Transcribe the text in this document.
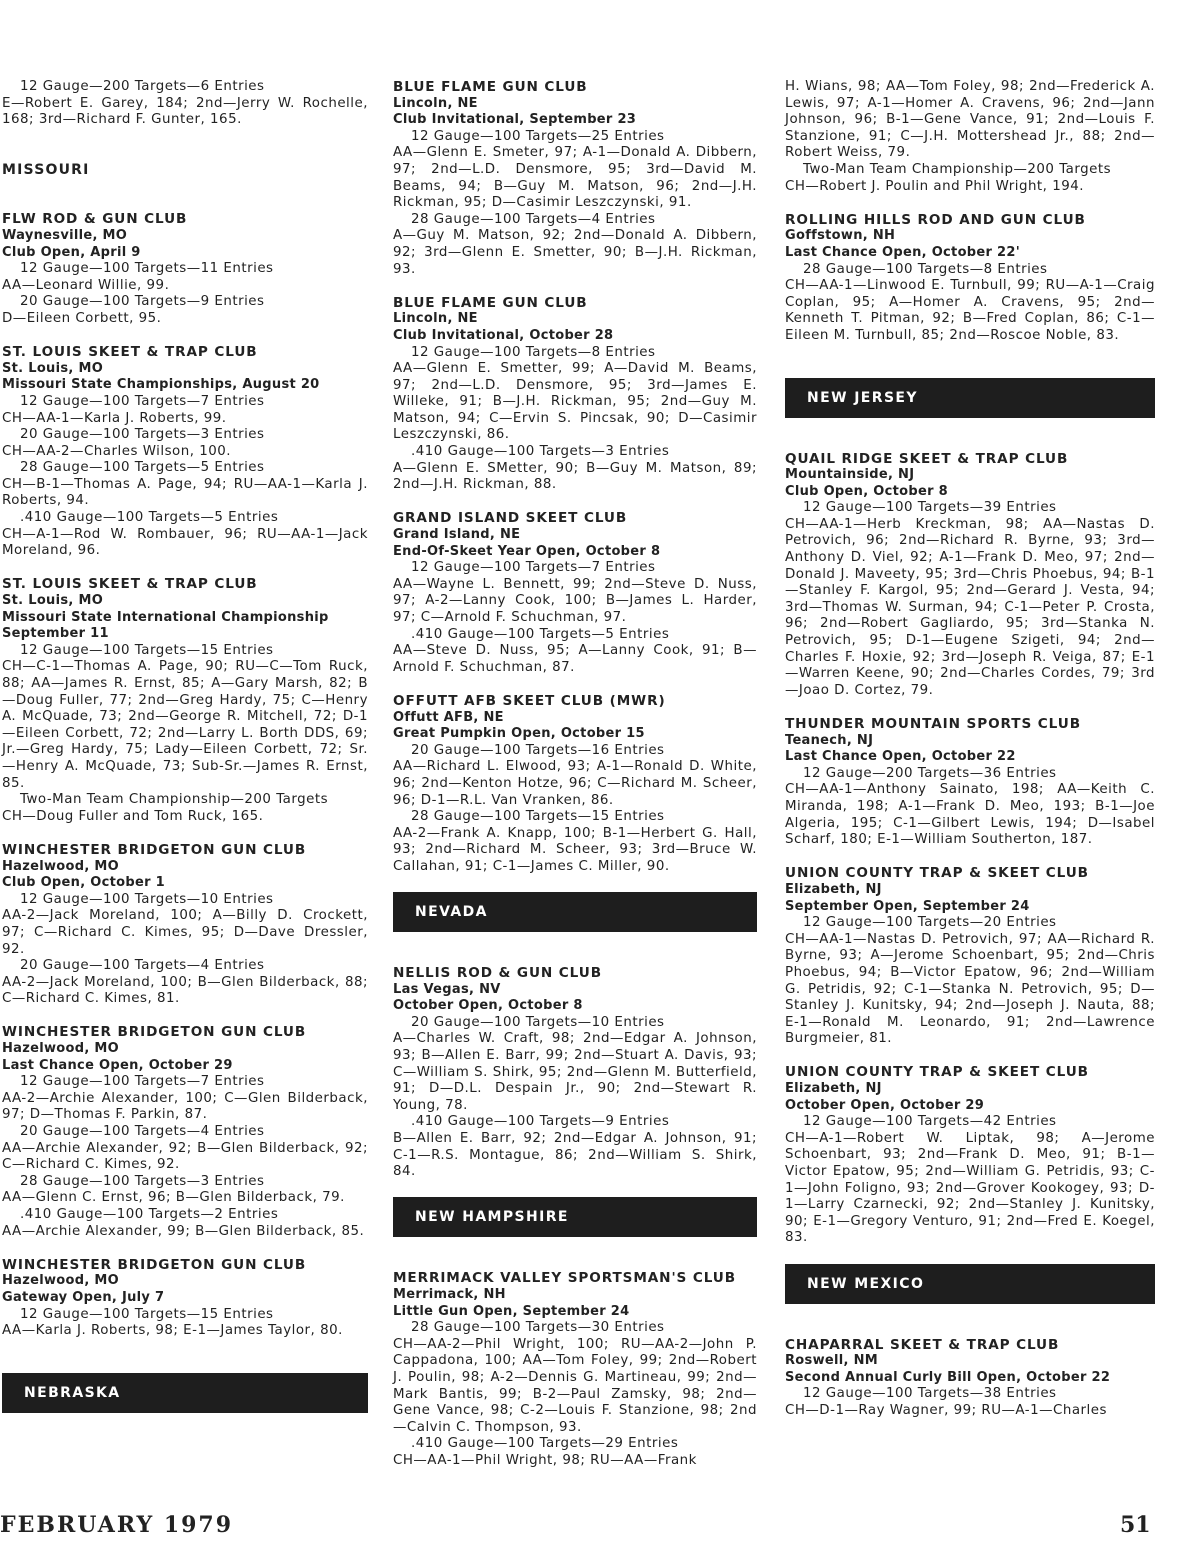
12 Gauge—200 Targets—6 Entries

E—Robert E. Garey, 184; 2nd—Jerry W. Rochelle, 168; 3rd—Richard F. Gunter, 165.

MISSOURI
FLW ROD & GUN CLUB
Waynesville, MO
Club Open, April 9

12 Gauge—100 Targets—11 Entries

AA—Leonard Willie, 99.

20 Gauge—100 Targets—9 Entries

D—Eileen Corbett, 95.

ST. LOUIS SKEET & TRAP CLUB
St. Louis, MO
Missouri State Championships, August 20

12 Gauge—100 Targets—7 Entries

CH—AA-1—Karla J. Roberts, 99.

20 Gauge—100 Targets—3 Entries

CH—AA-2—Charles Wilson, 100.

28 Gauge—100 Targets—5 Entries

CH—B-1—Thomas A. Page, 94; RU—AA-1—Karla J. Roberts, 94.

.410 Gauge—100 Targets—5 Entries

CH—A-1—Rod W. Rombauer, 96; RU—AA-1—Jack Moreland, 96.

ST. LOUIS SKEET & TRAP CLUB
St. Louis, MO
Missouri State International Championship September 11

12 Gauge—100 Targets—15 Entries

CH—C-1—Thomas A. Page, 90; RU—C—Tom Ruck, 88; AA—James R. Ernst, 85; A—Gary Marsh, 82; B—Doug Fuller, 77; 2nd—Greg Hardy, 75; C—Henry A. McQuade, 73; 2nd—George R. Mitchell, 72; D-1—Eileen Corbett, 72; 2nd—Larry L. Borth DDS, 69; Jr.—Greg Hardy, 75; Lady—Eileen Corbett, 72; Sr.—Henry A. McQuade, 73; Sub-Sr.—James R. Ernst, 85.

Two-Man Team Championship—200 Targets

CH—Doug Fuller and Tom Ruck, 165.

WINCHESTER BRIDGETON GUN CLUB
Hazelwood, MO
Club Open, October 1

12 Gauge—100 Targets—10 Entries

AA-2—Jack Moreland, 100; A—Billy D. Crockett, 97; C—Richard C. Kimes, 95; D—Dave Dressler, 92.

20 Gauge—100 Targets—4 Entries

AA-2—Jack Moreland, 100; B—Glen Bilderback, 88; C—Richard C. Kimes, 81.

WINCHESTER BRIDGETON GUN CLUB
Hazelwood, MO
Last Chance Open, October 29

12 Gauge—100 Targets—7 Entries

AA-2—Archie Alexander, 100; C—Glen Bilderback, 97; D—Thomas F. Parkin, 87.

20 Gauge—100 Targets—4 Entries

AA—Archie Alexander, 92; B—Glen Bilderback, 92; C—Richard C. Kimes, 92.

28 Gauge—100 Targets—3 Entries

AA—Glenn C. Ernst, 96; B—Glen Bilderback, 79.

.410 Gauge—100 Targets—2 Entries

AA—Archie Alexander, 99; B—Glen Bilderback, 85.

WINCHESTER BRIDGETON GUN CLUB
Hazelwood, MO
Gateway Open, July 7

12 Gauge—100 Targets—15 Entries

AA—Karla J. Roberts, 98; E-1—James Taylor, 80.

NEBRASKA
BLUE FLAME GUN CLUB
Lincoln, NE
Club Invitational, September 23

12 Gauge—100 Targets—25 Entries

AA—Glenn E. Smeter, 97; A-1—Donald A. Dibbern, 97; 2nd—L.D. Densmore, 95; 3rd—David M. Beams, 94; B—Guy M. Matson, 96; 2nd—J.H. Rickman, 95; D—Casimir Leszczynski, 91.

28 Gauge—100 Targets—4 Entries

A—Guy M. Matson, 92; 2nd—Donald A. Dibbern, 92; 3rd—Glenn E. Smetter, 90; B—J.H. Rickman, 93.

BLUE FLAME GUN CLUB
Lincoln, NE
Club Invitational, October 28

12 Gauge—100 Targets—8 Entries

AA—Glenn E. Smetter, 99; A—David M. Beams, 97; 2nd—L.D. Densmore, 95; 3rd—James E. Willeke, 91; B—J.H. Rickman, 95; 2nd—Guy M. Matson, 94; C—Ervin S. Pincsak, 90; D—Casimir Leszczynski, 86.

.410 Gauge—100 Targets—3 Entries

A—Glenn E. SMetter, 90; B—Guy M. Matson, 89; 2nd—J.H. Rickman, 88.

GRAND ISLAND SKEET CLUB
Grand Island, NE
End-Of-Skeet Year Open, October 8

12 Gauge—100 Targets—7 Entries

AA—Wayne L. Bennett, 99; 2nd—Steve D. Nuss, 97; A-2—Lanny Cook, 100; B—James L. Harder, 97; C—Arnold F. Schuchman, 97.

.410 Gauge—100 Targets—5 Entries

AA—Steve D. Nuss, 95; A—Lanny Cook, 91; B—Arnold F. Schuchman, 87.

OFFUTT AFB SKEET CLUB (MWR)
Offutt AFB, NE
Great Pumpkin Open, October 15

20 Gauge—100 Targets—16 Entries

AA—Richard L. Elwood, 93; A-1—Ronald D. White, 96; 2nd—Kenton Hotze, 96; C—Richard M. Scheer, 96; D-1—R.L. Van Vranken, 86.

28 Gauge—100 Targets—15 Entries

AA-2—Frank A. Knapp, 100; B-1—Herbert G. Hall, 93; 2nd—Richard M. Scheer, 93; 3rd—Bruce W. Callahan, 91; C-1—James C. Miller, 90.

NEVADA
NELLIS ROD & GUN CLUB
Las Vegas, NV
October Open, October 8

20 Gauge—100 Targets—10 Entries

A—Charles W. Craft, 98; 2nd—Edgar A. Johnson, 93; B—Allen E. Barr, 99; 2nd—Stuart A. Davis, 93; C—William S. Shirk, 95; 2nd—Glenn M. Butterfield, 91; D—D.L. Despain Jr., 90; 2nd—Stewart R. Young, 78.

.410 Gauge—100 Targets—9 Entries

B—Allen E. Barr, 92; 2nd—Edgar A. Johnson, 91; C-1—R.S. Montague, 86; 2nd—William S. Shirk, 84.

NEW HAMPSHIRE
MERRIMACK VALLEY SPORTSMAN'S CLUB
Merrimack, NH
Little Gun Open, September 24

28 Gauge—100 Targets—30 Entries

CH—AA-2—Phil Wright, 100; RU—AA-2—John P. Cappadona, 100; AA—Tom Foley, 99; 2nd—Robert J. Poulin, 98; A-2—Dennis G. Martineau, 99; 2nd—Mark Bantis, 99; B-2—Paul Zamsky, 98; 2nd—Gene Vance, 98; C-2—Louis F. Stanzione, 98; 2nd—Calvin C. Thompson, 93.

.410 Gauge—100 Targets—29 Entries

CH—AA-1—Phil Wright, 98; RU—AA—Frank

H. Wians, 98; AA—Tom Foley, 98; 2nd—Frederick A. Lewis, 97; A-1—Homer A. Cravens, 96; 2nd—Jann Johnson, 96; B-1—Gene Vance, 91; 2nd—Louis F. Stanzione, 91; C—J.H. Mottershead Jr., 88; 2nd—Robert Weiss, 79.

Two-Man Team Championship—200 Targets

CH—Robert J. Poulin and Phil Wright, 194.

ROLLING HILLS ROD AND GUN CLUB
Goffstown, NH
Last Chance Open, October 22'

28 Gauge—100 Targets—8 Entries

CH—AA-1—Linwood E. Turnbull, 99; RU—A-1—Craig Coplan, 95; A—Homer A. Cravens, 95; 2nd—Kenneth T. Pitman, 92; B—Fred Coplan, 86; C-1—Eileen M. Turnbull, 85; 2nd—Roscoe Noble, 83.

NEW JERSEY
QUAIL RIDGE SKEET & TRAP CLUB
Mountainside, NJ
Club Open, October 8

12 Gauge—100 Targets—39 Entries

CH—AA-1—Herb Kreckman, 98; AA—Nastas D. Petrovich, 96; 2nd—Richard R. Byrne, 93; 3rd—Anthony D. Viel, 92; A-1—Frank D. Meo, 97; 2nd—Donald J. Maveety, 95; 3rd—Chris Phoebus, 94; B-1—Stanley F. Kargol, 95; 2nd—Gerard J. Vesta, 94; 3rd—Thomas W. Surman, 94; C-1—Peter P. Crosta, 96; 2nd—Robert Gagliardo, 95; 3rd—Stanka N. Petrovich, 95; D-1—Eugene Szigeti, 94; 2nd—Charles F. Hoxie, 92; 3rd—Joseph R. Veiga, 87; E-1—Warren Keene, 90; 2nd—Charles Cordes, 79; 3rd—Joao D. Cortez, 79.

THUNDER MOUNTAIN SPORTS CLUB
Teanech, NJ
Last Chance Open, October 22

12 Gauge—200 Targets—36 Entries

CH—AA-1—Anthony Sainato, 198; AA—Keith C. Miranda, 198; A-1—Frank D. Meo, 193; B-1—Joe Algeria, 195; C-1—Gilbert Lewis, 194; D—Isabel Scharf, 180; E-1—William Southerton, 187.

UNION COUNTY TRAP & SKEET CLUB
Elizabeth, NJ
September Open, September 24

12 Gauge—100 Targets—20 Entries

CH—AA-1—Nastas D. Petrovich, 97; AA—Richard R. Byrne, 93; A—Jerome Schoenbart, 95; 2nd—Chris Phoebus, 94; B—Victor Epatow, 96; 2nd—William G. Petridis, 92; C-1—Stanka N. Petrovich, 95; D—Stanley J. Kunitsky, 94; 2nd—Joseph J. Nauta, 88; E-1—Ronald M. Leonardo, 91; 2nd—Lawrence Burgmeier, 81.

UNION COUNTY TRAP & SKEET CLUB
Elizabeth, NJ
October Open, October 29

12 Gauge—100 Targets—42 Entries

CH—A-1—Robert W. Liptak, 98; A—Jerome Schoenbart, 93; 2nd—Frank D. Meo, 91; B-1—Victor Epatow, 95; 2nd—William G. Petridis, 93; C-1—John Foligno, 93; 2nd—Grover Kookogey, 93; D-1—Larry Czarnecki, 92; 2nd—Stanley J. Kunitsky, 90; E-1—Gregory Venturo, 91; 2nd—Fred E. Koegel, 83.

NEW MEXICO
CHAPARRAL SKEET & TRAP CLUB
Roswell, NM
Second Annual Curly Bill Open, October 22

12 Gauge—100 Targets—38 Entries

CH—D-1—Ray Wagner, 99; RU—A-1—Charles

FEBRUARY 1979	51
